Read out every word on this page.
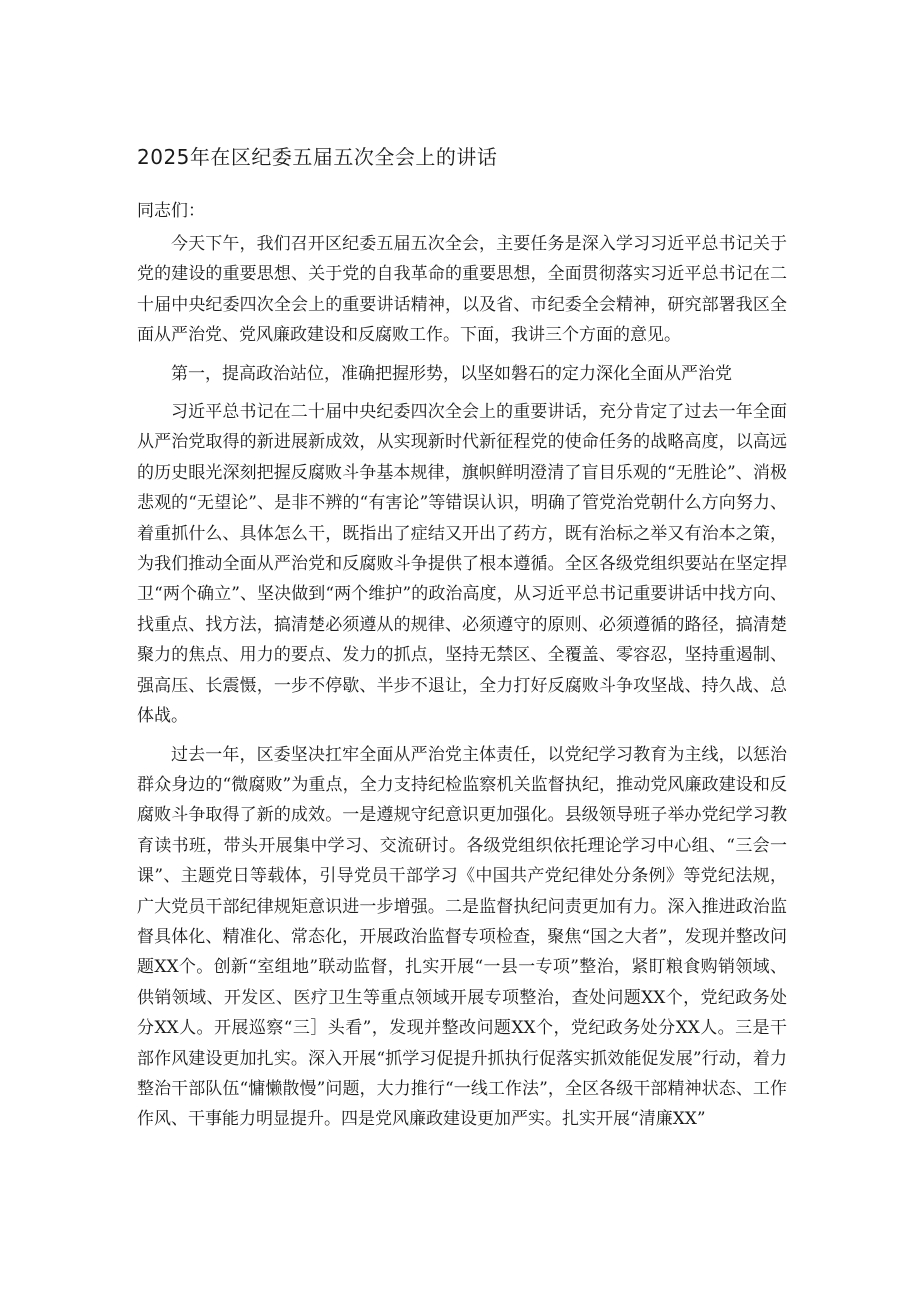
2025年在区纪委五届五次全会上的讲话

同志们：

今天下午，我们召开区纪委五届五次全会，主要任务是深入学习习近平总书记关于党的建设的重要思想、关于党的自我革命的重要思想，全面贯彻落实习近平总书记在二十届中央纪委四次全会上的重要讲话精神，以及省、市纪委全会精神，研究部署我区全面从严治党、党风廉政建设和反腐败工作。下面，我讲三个方面的意见。

第一，提高政治站位，准确把握形势，以坚如磐石的定力深化全面从严治党

习近平总书记在二十届中央纪委四次全会上的重要讲话，充分肯定了过去一年全面从严治党取得的新进展新成效，从实现新时代新征程党的使命任务的战略高度，以高远的历史眼光深刻把握反腐败斗争基本规律，旗帜鲜明澄清了盲目乐观的“无胜论”、消极悲观的“无望论”、是非不辨的“有害论”等错误认识，明确了管党治党朝什么方向努力、着重抓什么、具体怎么干，既指出了症结又开出了药方，既有治标之举又有治本之策，为我们推动全面从严治党和反腐败斗争提供了根本遵循。全区各级党组织要站在坚定捍卫“两个确立”、坚决做到“两个维护”的政治高度，从习近平总书记重要讲话中找方向、找重点、找方法，搞清楚必须遵从的规律、必须遵守的原则、必须遵循的路径，搞清楚聚力的焦点、用力的要点、发力的抓点，坚持无禁区、全覆盖、零容忍，坚持重遏制、强高压、长震慑，一步不停歇、半步不退让，全力打好反腐败斗争攻坚战、持久战、总体战。

过去一年，区委坚决扛牢全面从严治党主体责任，以党纪学习教育为主线，以惩治群众身边的“微腐败”为重点，全力支持纪检监察机关监督执纪，推动党风廉政建设和反腐败斗争取得了新的成效。一是遵规守纪意识更加强化。县级领导班子举办党纪学习教育读书班，带头开展集中学习、交流研讨。各级党组织依托理论学习中心组、“三会一课”、主题党日等载体，引导党员干部学习《中国共产党纪律处分条例》等党纪法规，广大党员干部纪律规矩意识进一步增强。二是监督执纪问责更加有力。深入推进政治监督具体化、精准化、常态化，开展政治监督专项检查，聚焦“国之大者”，发现并整改问题XX个。创新“室组地”联动监督，扎实开展“一县一专项”整治，紧盯粮食购销领域、供销领域、开发区、医疗卫生等重点领域开展专项整治，查处问题XX个，党纪政务处分XX人。开展巡察“三］头看”，发现并整改问题XX个，党纪政务处分XX人。三是干部作风建设更加扎实。深入开展“抓学习促提升抓执行促落实抓效能促发展”行动，着力整治干部队伍“慵懒散慢”问题，大力推行“一线工作法”，全区各级干部精神状态、工作作风、干事能力明显提升。四是党风廉政建设更加严实。扎实开展“清廉XX”
